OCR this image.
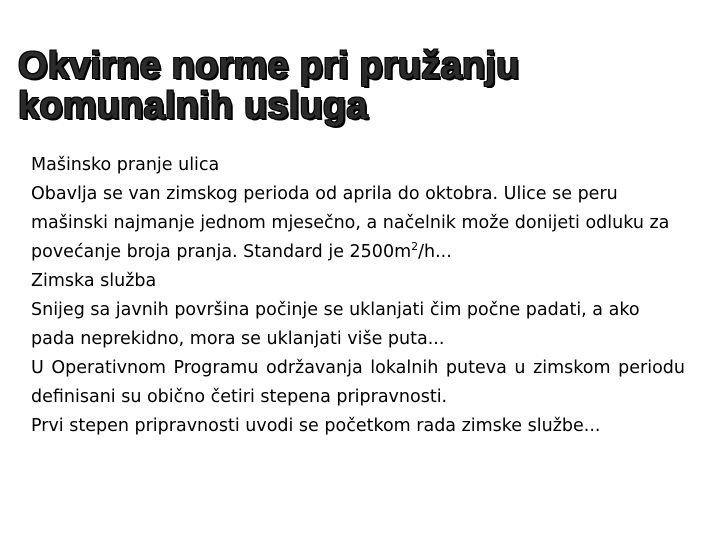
Okvirne norme pri pružanju
komunalnih usluga

Mašinsko pranje ulica

Obavlja se van zimskog perioda od aprila do oktobra. Ulice se peru mašinski najmanje jednom mjesečno, a načelnik može donijeti odluku za povećanje broja pranja. Standard je $2500m^2/h$...

Zimska služba

Snijeg sa javnih površina počinje se uklanjati čim počne padati, a ako pada neprekidno, mora se uklanjati više puta...

U Operativnom Programu održavanja lokalnih puteva u zimskom periodu definisani su obično četiri stepena pripravnosti.

Prvi stepen pripravnosti uvodi se početkom rada zimske službe...
